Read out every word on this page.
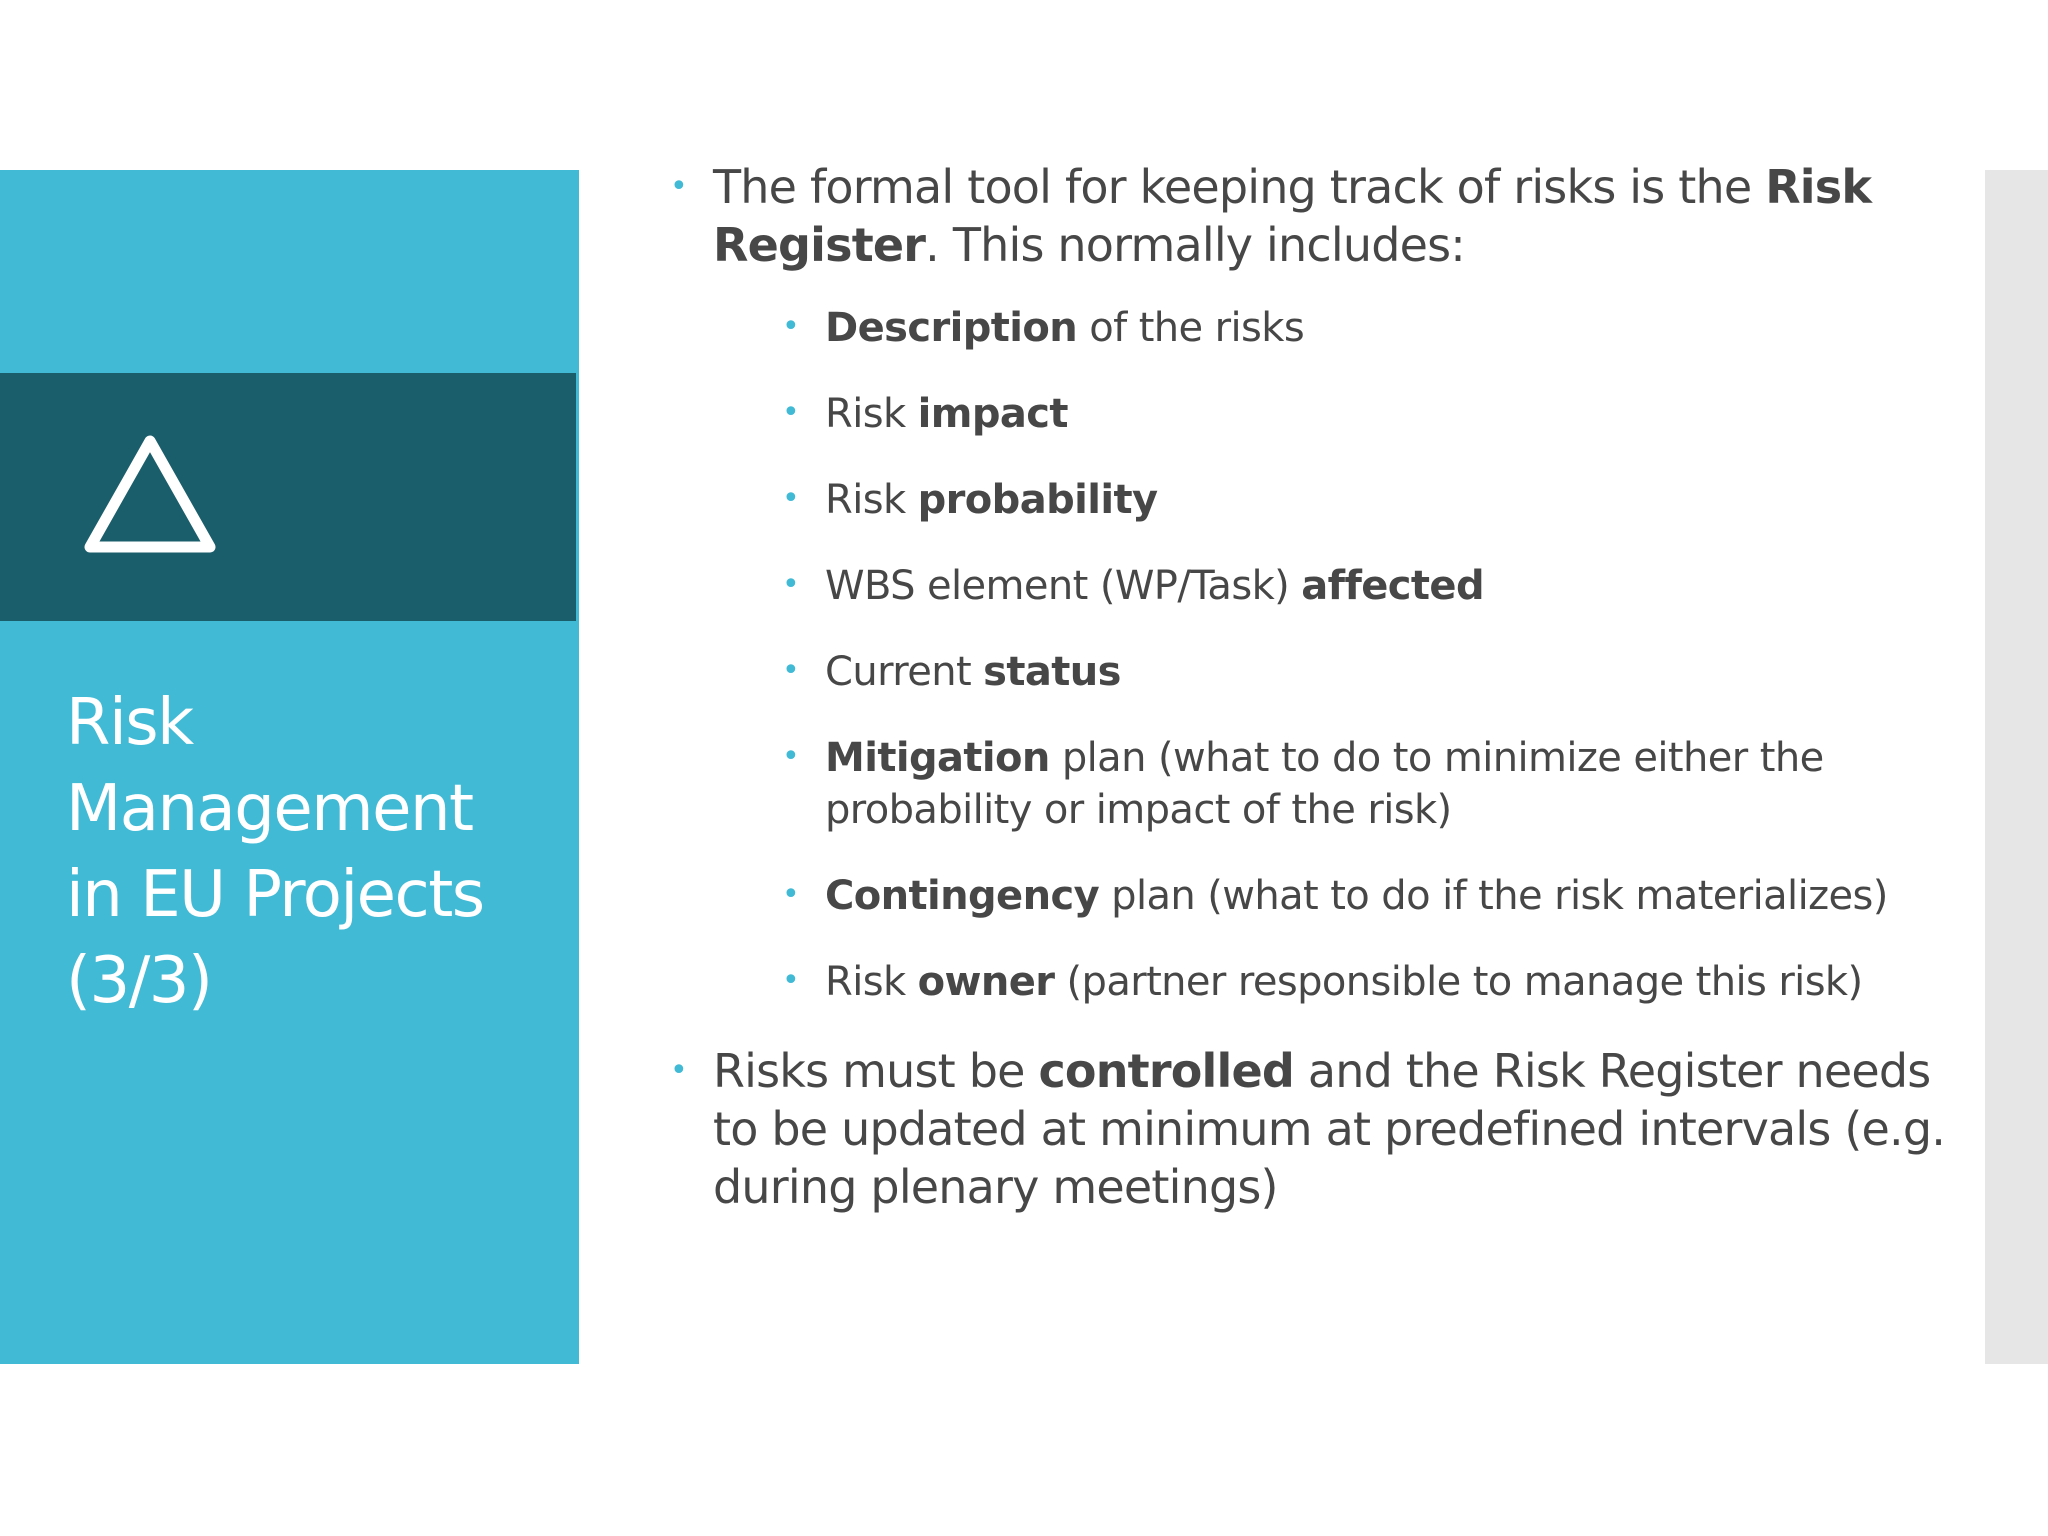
Risk
Management
in EU Projects
(3/3)
• The formal tool for keeping track of risks is the Risk Register. This normally includes:
• Description of the risks
• Risk impact
• Risk probability
• WBS element (WP/Task) affected
• Current status
• Mitigation plan (what to do to minimize either the probability or impact of the risk)
• Contingency plan (what to do if the risk materializes)
• Risk owner (partner responsible to manage this risk)
• Risks must be controlled and the Risk Register needs to be updated at minimum at predefined intervals (e.g. during plenary meetings)
